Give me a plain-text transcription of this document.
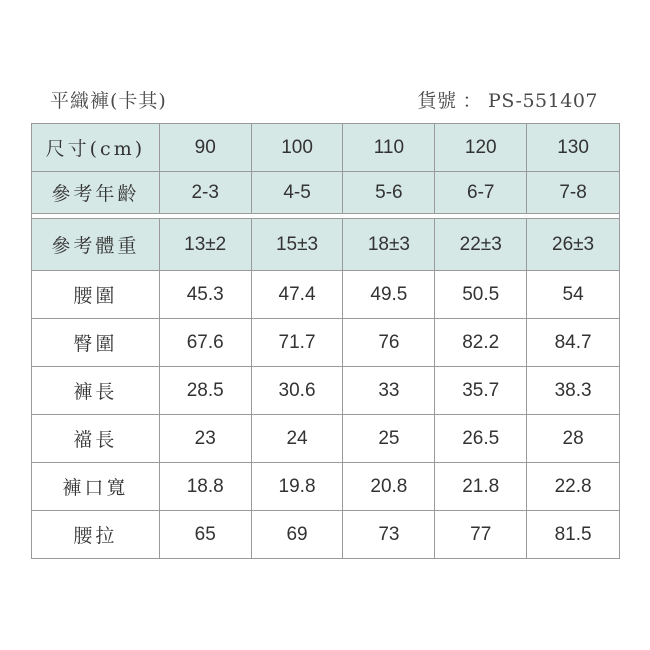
平織褲(卡其)	貨號 ： PS-551407
尺寸(cm)	90	100	110	120	130
參考年齡	2-3	4-5	5-6	6-7	7-8
參考體重	13±2	15±3	18±3	22±3	26±3
腰圍	45.3	47.4	49.5	50.5	54
臀圍	67.6	71.7	76	82.2	84.7
褲長	28.5	30.6	33	35.7	38.3
襠長	23	24	25	26.5	28
褲口寬	18.8	19.8	20.8	21.8	22.8
腰拉	65	69	73	77	81.5
